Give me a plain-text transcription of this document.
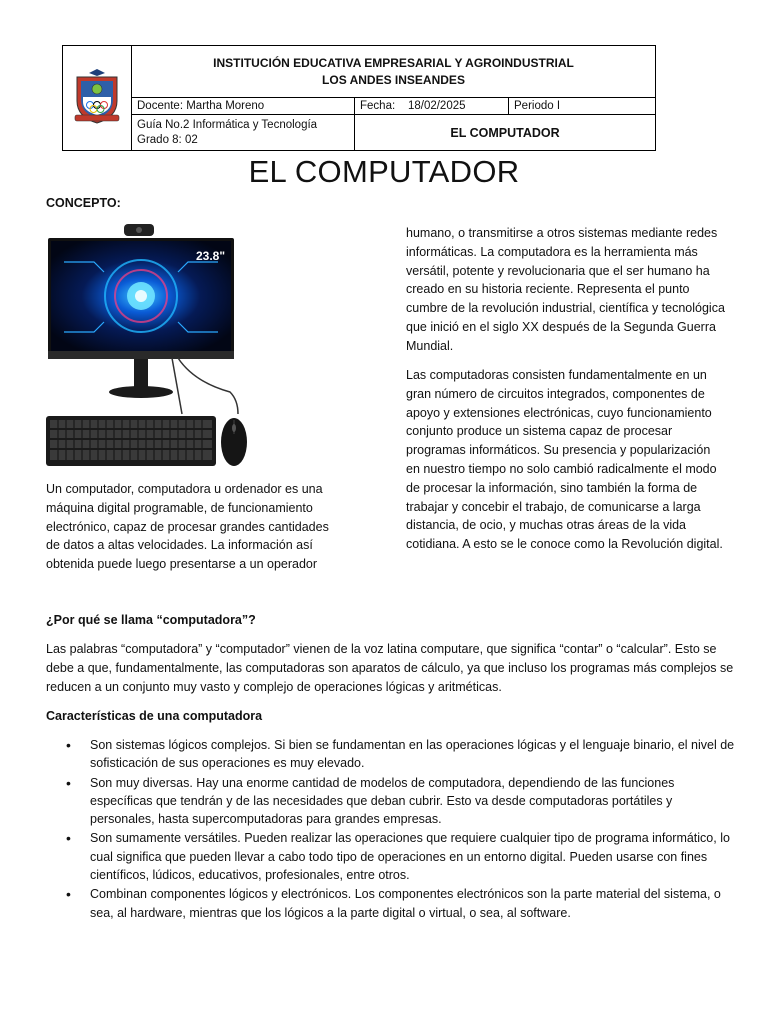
INSTITUCIÓN EDUCATIVA EMPRESARIAL Y AGROINDUSTRIAL
LOS ANDES INSEANDES		

	Docente: Martha Moreno	Fecha: 18/02/2025	Periodo I

	Guía No.2 Informática y Tecnología
Grado 8: 02	EL COMPUTADOR	
EL COMPUTADOR
CONCEPTO:
23.8"

Un computador, computadora u ordenador es una máquina digital programable, de funcionamiento electrónico, capaz de procesar grandes cantidades de datos a altas velocidades. La información así obtenida puede luego presentarse a un operador

humano, o transmitirse a otros sistemas mediante redes informáticas. La computadora es la herramienta más versátil, potente y revolucionaria que el ser humano ha creado en su historia reciente. Representa el punto cumbre de la revolución industrial, científica y tecnológica que inició en el siglo XX después de la Segunda Guerra Mundial.

Las computadoras consisten fundamentalmente en un gran número de circuitos integrados, componentes de apoyo y extensiones electrónicas, cuyo funcionamiento conjunto produce un sistema capaz de procesar programas informáticos. Su presencia y popularización en nuestro tiempo no solo cambió radicalmente el modo de procesar la información, sino también la forma de trabajar y concebir el trabajo, de comunicarse a larga distancia, de ocio, y muchas otras áreas de la vida cotidiana. A esto se le conoce como la Revolución digital.

¿Por qué se llama “computadora”?

Las palabras “computadora” y “computador” vienen de la voz latina computare, que significa “contar” o “calcular”. Esto se debe a que, fundamentalmente, las computadoras son aparatos de cálculo, ya que incluso los programas más complejos se reducen a un conjunto muy vasto y complejo de operaciones lógicas y aritméticas.

Características de una computadora
• Son sistemas lógicos complejos. Si bien se fundamentan en las operaciones lógicas y el lenguaje binario, el nivel de sofisticación de sus operaciones es muy elevado.
• Son muy diversas. Hay una enorme cantidad de modelos de computadora, dependiendo de las funciones específicas que tendrán y de las necesidades que deban cubrir. Esto va desde computadoras portátiles y personales, hasta supercomputadoras para grandes empresas.
• Son sumamente versátiles. Pueden realizar las operaciones que requiere cualquier tipo de programa informático, lo cual significa que pueden llevar a cabo todo tipo de operaciones en un entorno digital. Pueden usarse con fines científicos, lúdicos, educativos, profesionales, entre otros.
• Combinan componentes lógicos y electrónicos. Los componentes electrónicos son la parte material del sistema, o sea, al hardware, mientras que los lógicos a la parte digital o virtual, o sea, al software.
